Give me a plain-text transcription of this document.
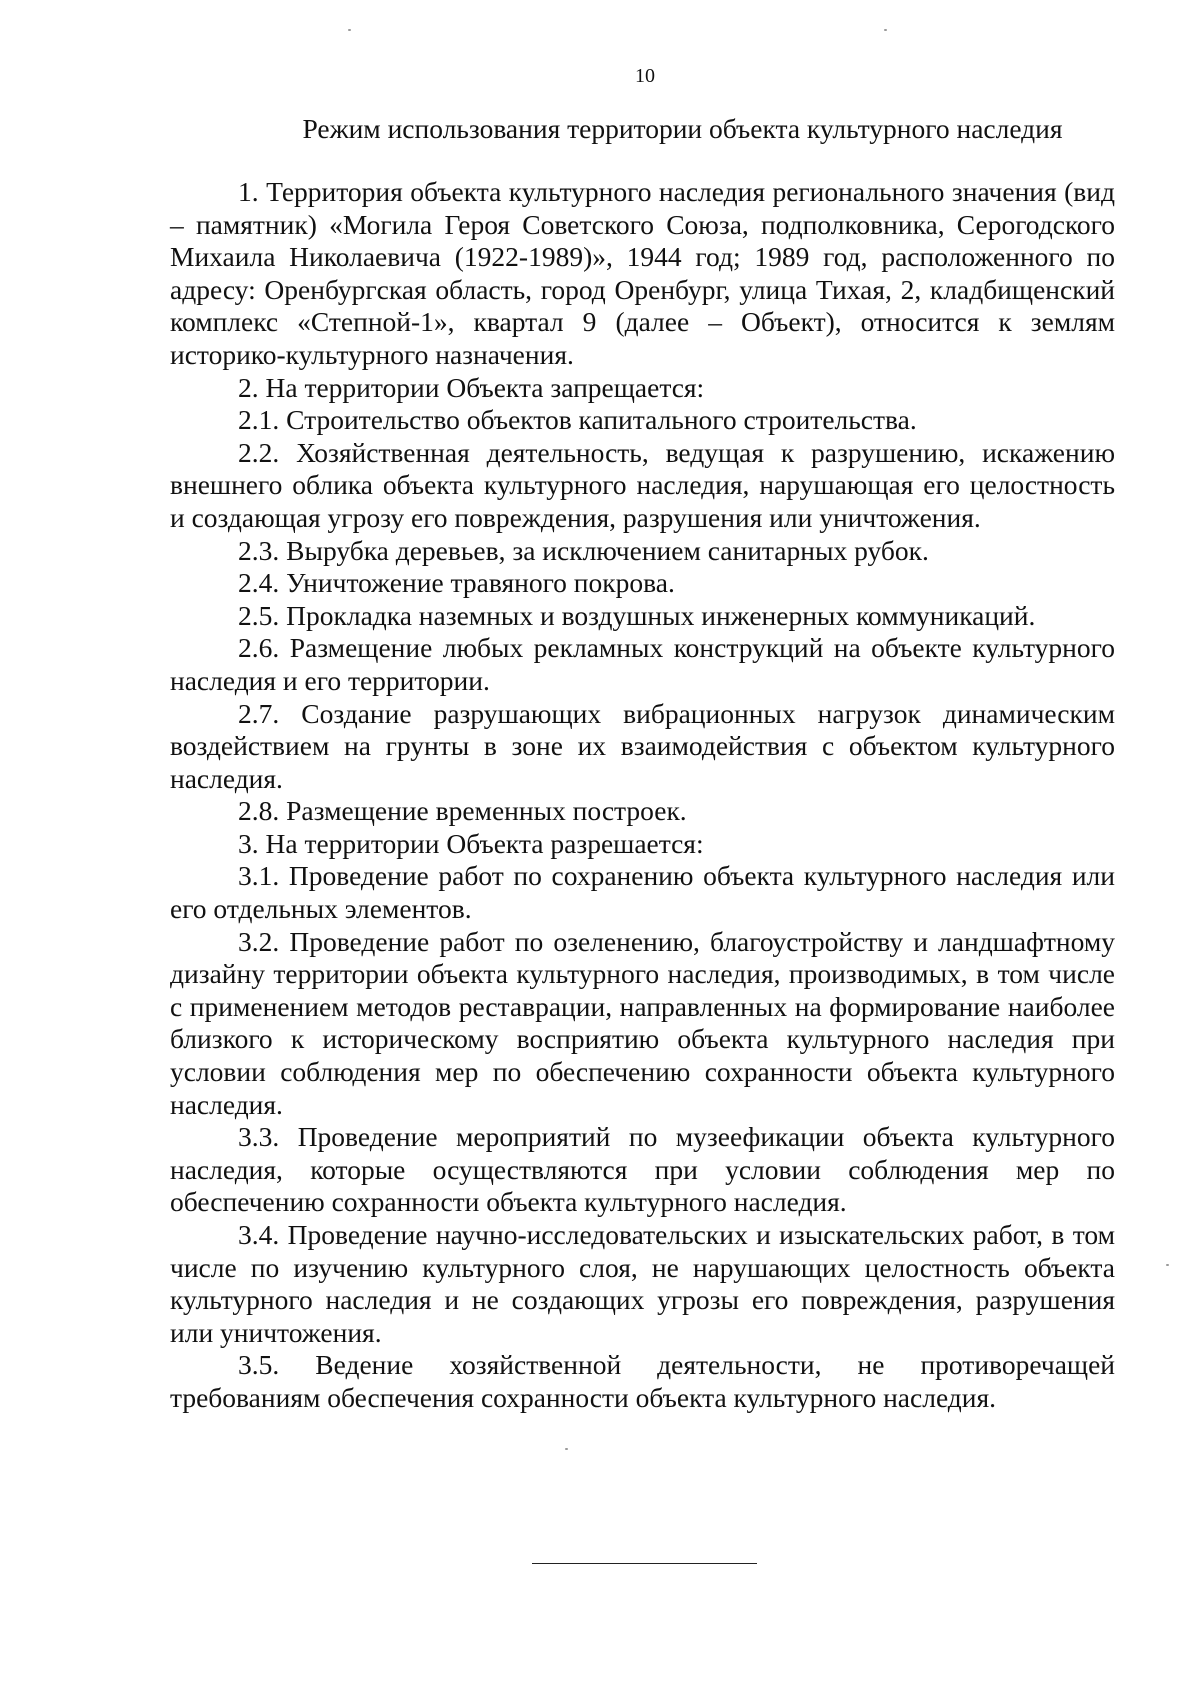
10
Режим использования территории объекта культурного наследия

1. Территория объекта культурного наследия регионального значения (вид – памятник) «Могила Героя Советского Союза, подполковника, Серогодского Михаила Николаевича (1922-1989)», 1944 год; 1989 год, расположенного по адресу: Оренбургская область, город Оренбург, улица Тихая, 2, кладбищенский комплекс «Степной-1», квартал 9 (далее – Объект), относится к землям историко-культурного назначения.

2. На территории Объекта запрещается:

2.1. Строительство объектов капитального строительства.

2.2. Хозяйственная деятельность, ведущая к разрушению, искажению внешнего облика объекта культурного наследия, нарушающая его целостность и создающая угрозу его повреждения, разрушения или уничтожения.

2.3. Вырубка деревьев, за исключением санитарных рубок.

2.4. Уничтожение травяного покрова.

2.5. Прокладка наземных и воздушных инженерных коммуникаций.

2.6. Размещение любых рекламных конструкций на объекте культурного наследия и его территории.

2.7. Создание разрушающих вибрационных нагрузок динамическим воздействием на грунты в зоне их взаимодействия с объектом культурного наследия.

2.8. Размещение временных построек.

3. На территории Объекта разрешается:

3.1. Проведение работ по сохранению объекта культурного наследия или его отдельных элементов.

3.2. Проведение работ по озеленению, благоустройству и ландшафтному дизайну территории объекта культурного наследия, производимых, в том числе с применением методов реставрации, направленных на формирование наиболее близкого к историческому восприятию объекта культурного наследия при условии соблюдения мер по обеспечению сохранности объекта культурного наследия.

3.3. Проведение мероприятий по музеефикации объекта культурного наследия, которые осуществляются при условии соблюдения мер по обеспечению сохранности объекта культурного наследия.

3.4. Проведение научно-исследовательских и изыскательских работ, в том числе по изучению культурного слоя, не нарушающих целостность объекта культурного наследия и не создающих угрозы его повреждения, разрушения или уничтожения.

3.5. Ведение хозяйственной деятельности, не противоречащей требованиям обеспечения сохранности объекта культурного наследия.
